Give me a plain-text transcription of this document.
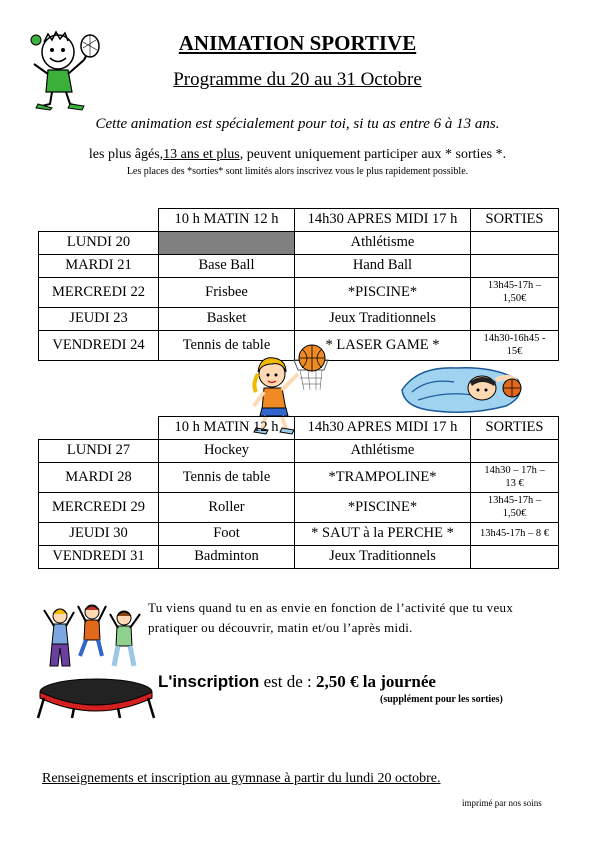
ANIMATION SPORTIVE
Programme du 20 au 31 Octobre
Cette animation est spécialement pour toi, si tu as entre 6 à 13 ans.
les plus âgés,13 ans et plus, peuvent uniquement participer aux * sorties *.
Les places des *sorties* sont limités alors inscrivez vous le plus rapidement possible.
	10 h MATIN 12 h	14h30 APRES MIDI 17 h	SORTIES
LUNDI 20		Athlétisme	
MARDI 21	Base Ball	Hand Ball	
MERCREDI 22	Frisbee	*PISCINE*	13h45-17h –
1,50€

JEUDI 23	Basket	Jeux Traditionnels	
VENDREDI 24	Tennis de table	* LASER GAME *	14h30-16h45 -
15€
	10 h MATIN 12 h	14h30 APRES MIDI 17 h	SORTIES
LUNDI 27	Hockey	Athlétisme	
MARDI 28	Tennis de table	*TRAMPOLINE*	14h30 – 17h –
13 €

MERCREDI 29	Roller	*PISCINE*	13h45-17h –
1,50€

JEUDI 30	Foot	* SAUT à la PERCHE *	13h45-17h – 8 €
VENDREDI 31	Badminton	Jeux Traditionnels	
Tu viens quand tu en as envie en fonction de l’activité que tu veux pratiquer ou découvrir, matin et/ou l’après midi.
L'inscription est de : 2,50 € la journée
(supplément pour les sorties)
Renseignements et inscription au gymnase à partir du lundi 20 octobre.
imprimé par nos soins
